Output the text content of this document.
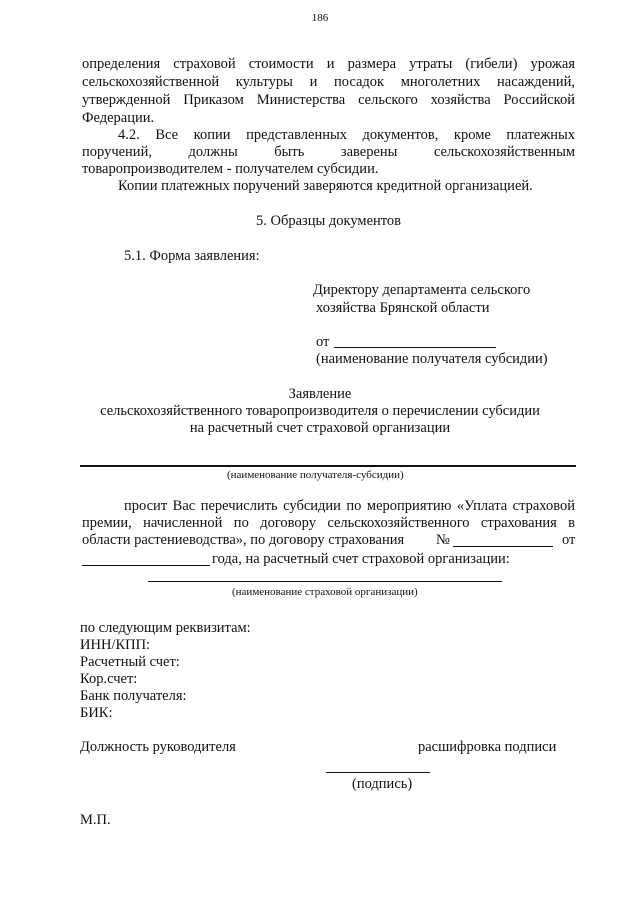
186
определения страховой стоимости и размера утраты (гибели) урожая
сельскохозяйственной культуры и посадок многолетних насаждений,
утвержденной Приказом Министерства сельского хозяйства Российской
Федерации.
4.2. Все копии представленных документов, кроме платежных
поручений, должны быть заверены сельскохозяйственным
товаропроизводителем - получателем субсидии.
Копии платежных поручений заверяются кредитной организацией.
5. Образцы документов
5.1. Форма заявления:
Директору департамента сельского
хозяйства Брянской области
от
(наименование получателя субсидии)
Заявление
сельскохозяйственного товаропроизводителя о перечислении субсидии
на расчетный счет страховой организации
(наименование получателя-субсидии)
просит Вас перечислить субсидии по мероприятию «Уплата страховой
премии, начисленной по договору сельскохозяйственного страхования в
области растениеводства», по договору страхования №	от
года, на расчетный счет страховой организации:
(наименование страховой организации)
по следующим реквизитам:
ИНН/КПП:
Расчетный счет:
Кор.счет:
Банк получателя:
БИК:
Должность руководителя	расшифровка подписи
(подпись)
М.П.
